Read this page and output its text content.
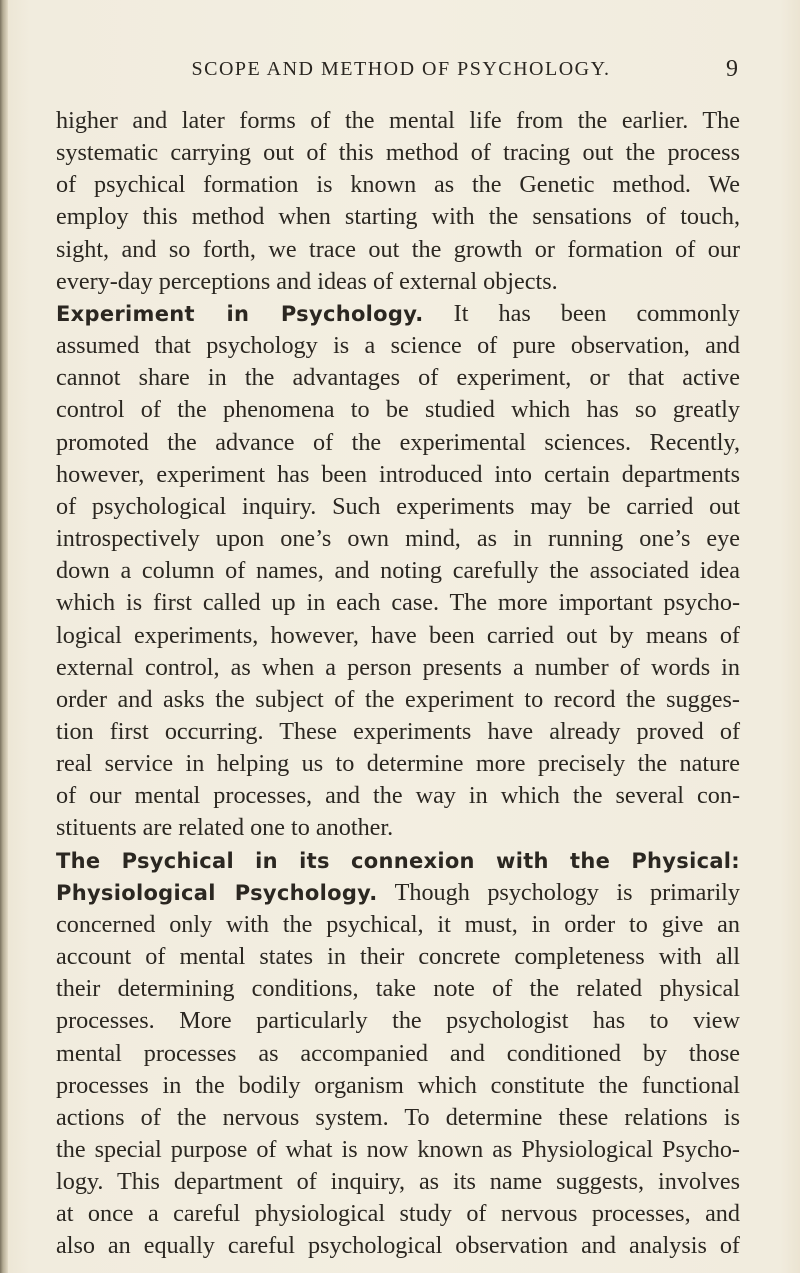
SCOPE AND METHOD OF PSYCHOLOGY.	9
higher and later forms of the mental life from the earlier. The
systematic carrying out of this method of tracing out the process
of psychical formation is known as the Genetic method. We
employ this method when starting with the sensations of touch,
sight, and so forth, we trace out the growth or formation of our
every-day perceptions and ideas of external objects.
Experiment in Psychology. It has been commonly
assumed that psychology is a science of pure observation, and
cannot share in the advantages of experiment, or that active
control of the phenomena to be studied which has so greatly
promoted the advance of the experimental sciences. Recently,
however, experiment has been introduced into certain departments
of psychological inquiry. Such experiments may be carried out
introspectively upon one’s own mind, as in running one’s eye
down a column of names, and noting carefully the associated idea
which is first called up in each case. The more important psycho-
logical experiments, however, have been carried out by means of
external control, as when a person presents a number of words in
order and asks the subject of the experiment to record the sugges-
tion first occurring. These experiments have already proved of
real service in helping us to determine more precisely the nature
of our mental processes, and the way in which the several con-
stituents are related one to another.
The Psychical in its connexion with the Physical:
Physiological Psychology. Though psychology is primarily
concerned only with the psychical, it must, in order to give an
account of mental states in their concrete completeness with all
their determining conditions, take note of the related physical
processes. More particularly the psychologist has to view
mental processes as accompanied and conditioned by those
processes in the bodily organism which constitute the functional
actions of the nervous system. To determine these relations is
the special purpose of what is now known as Physiological Psycho-
logy. This department of inquiry, as its name suggests, involves
at once a careful physiological study of nervous processes, and
also an equally careful psychological observation and analysis of
